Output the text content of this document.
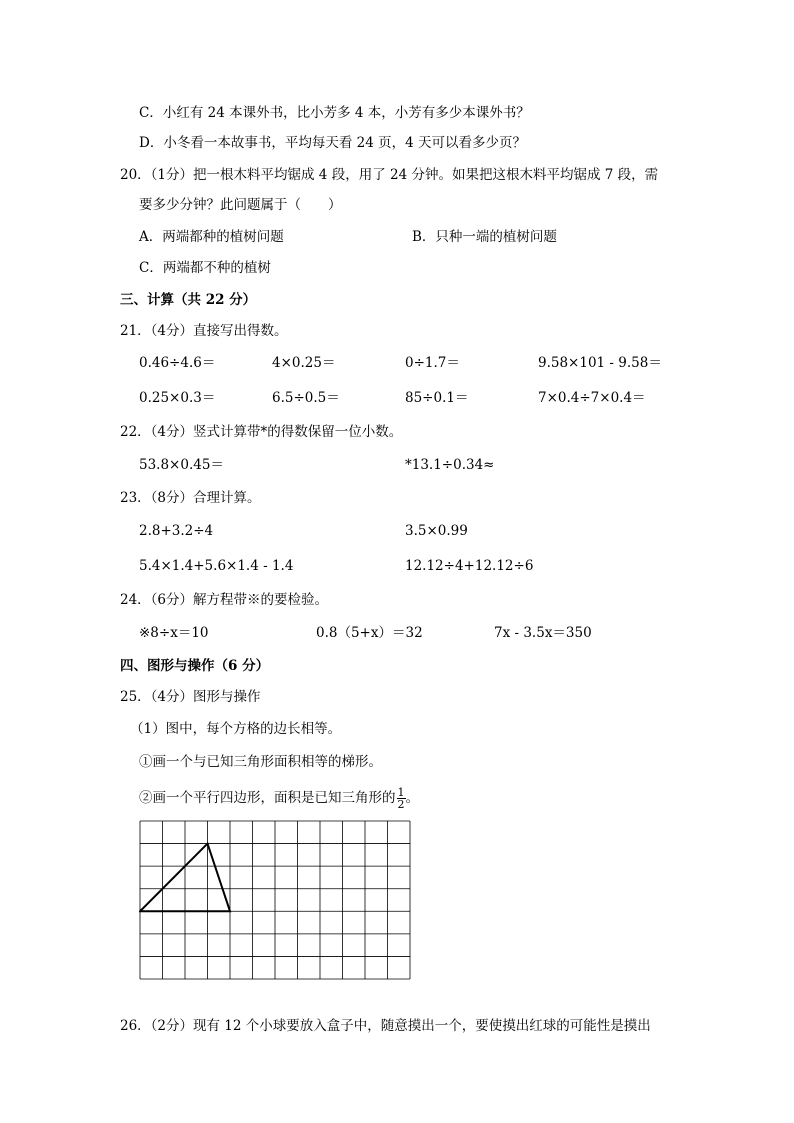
C．小红有 24 本课外书，比小芳多 4 本，小芳有多少本课外书？
D．小冬看一本故事书，平均每天看 24 页，4 天可以看多少页？
20．（1分）把一根木料平均锯成 4 段，用了 24 分钟。如果把这根木料平均锯成 7 段，需
要多少分钟？此问题属于（　　）
A．两端都种的植树问题	B．只种一端的植树问题
C．两端都不种的植树
三、计算（共 22 分）
21．（4分）直接写出得数。
0.46÷4.6＝	4×0.25＝	0÷1.7＝	9.58×101 - 9.58＝
0.25×0.3＝	6.5÷0.5＝	85÷0.1＝	7×0.4÷7×0.4＝
22．（4分）竖式计算带*的得数保留一位小数。
53.8×0.45＝	*13.1÷0.34≈
23．（8分）合理计算。
2.8+3.2÷4	3.5×0.99
5.4×1.4+5.6×1.4 - 1.4	12.12÷4+12.12÷6
24．（6分）解方程带※的要检验。
※8÷x＝10	0.8（5+x）＝32	7x - 3.5x＝350
四、图形与操作（6 分）
25．（4分）图形与操作
（1）图中，每个方格的边长相等。
①画一个与已知三角形面积相等的梯形。
②画一个平行四边形，面积是已知三角形的 $\frac{1}{2}$ 。
26．（2分）现有 12 个小球要放入盒子中，随意摸出一个，要使摸出红球的可能性是摸出
